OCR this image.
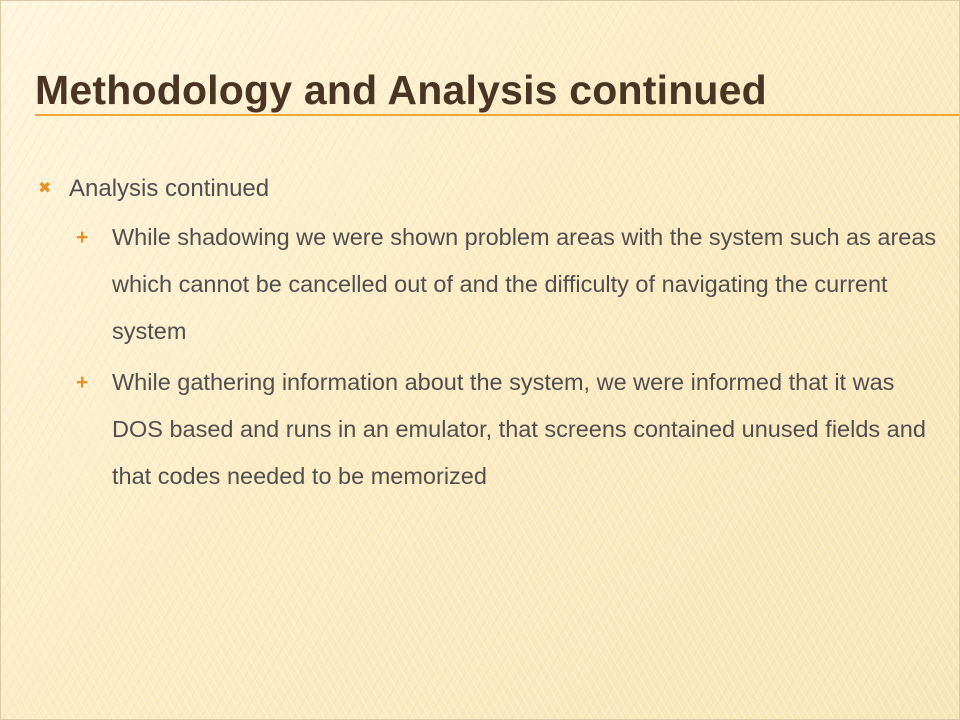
Methodology and Analysis continued
✖ Analysis continued
+ While shadowing we were shown problem areas with the system such as areas which cannot be cancelled out of and the difficulty of navigating the current system
+ While gathering information about the system, we were informed that it was DOS based and runs in an emulator, that screens contained unused fields and that codes needed to be memorized
